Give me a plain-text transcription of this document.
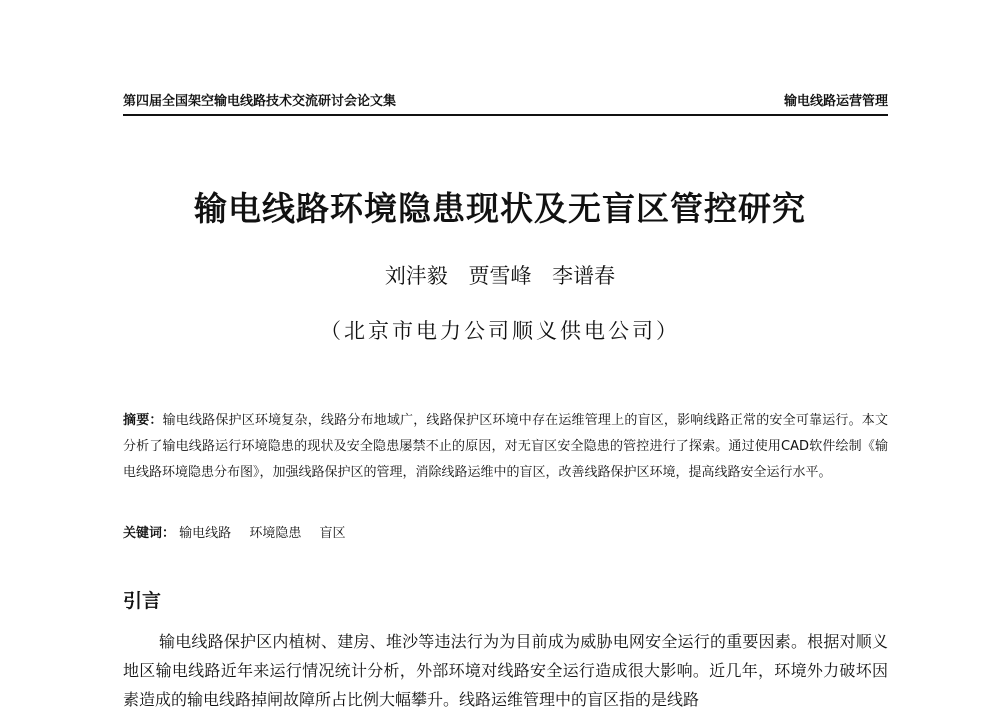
第四届全国架空输电线路技术交流研讨会论文集	输电线路运营管理
输电线路环境隐患现状及无盲区管控研究
刘沣毅 贾雪峰 李谱春
（北京市电力公司顺义供电公司）
摘要：输电线路保护区环境复杂，线路分布地域广，线路保护区环境中存在运维管理上的盲区，影响线路正常的安全可靠运行。本文分析了输电线路运行环境隐患的现状及安全隐患屡禁不止的原因，对无盲区安全隐患的管控进行了探索。通过使用CAD软件绘制《输电线路环境隐患分布图》，加强线路保护区的管理，消除线路运维中的盲区，改善线路保护区环境，提高线路安全运行水平。
关键词： 输电线路 环境隐患 盲区
引言
输电线路保护区内植树、建房、堆沙等违法行为为目前成为威胁电网安全运行的重要因素。根据对顺义地区输电线路近年来运行情况统计分析，外部环境对线路安全运行造成很大影响。近几年，环境外力破坏因素造成的输电线路掉闸故障所占比例大幅攀升。线路运维管理中的盲区指的是线路
